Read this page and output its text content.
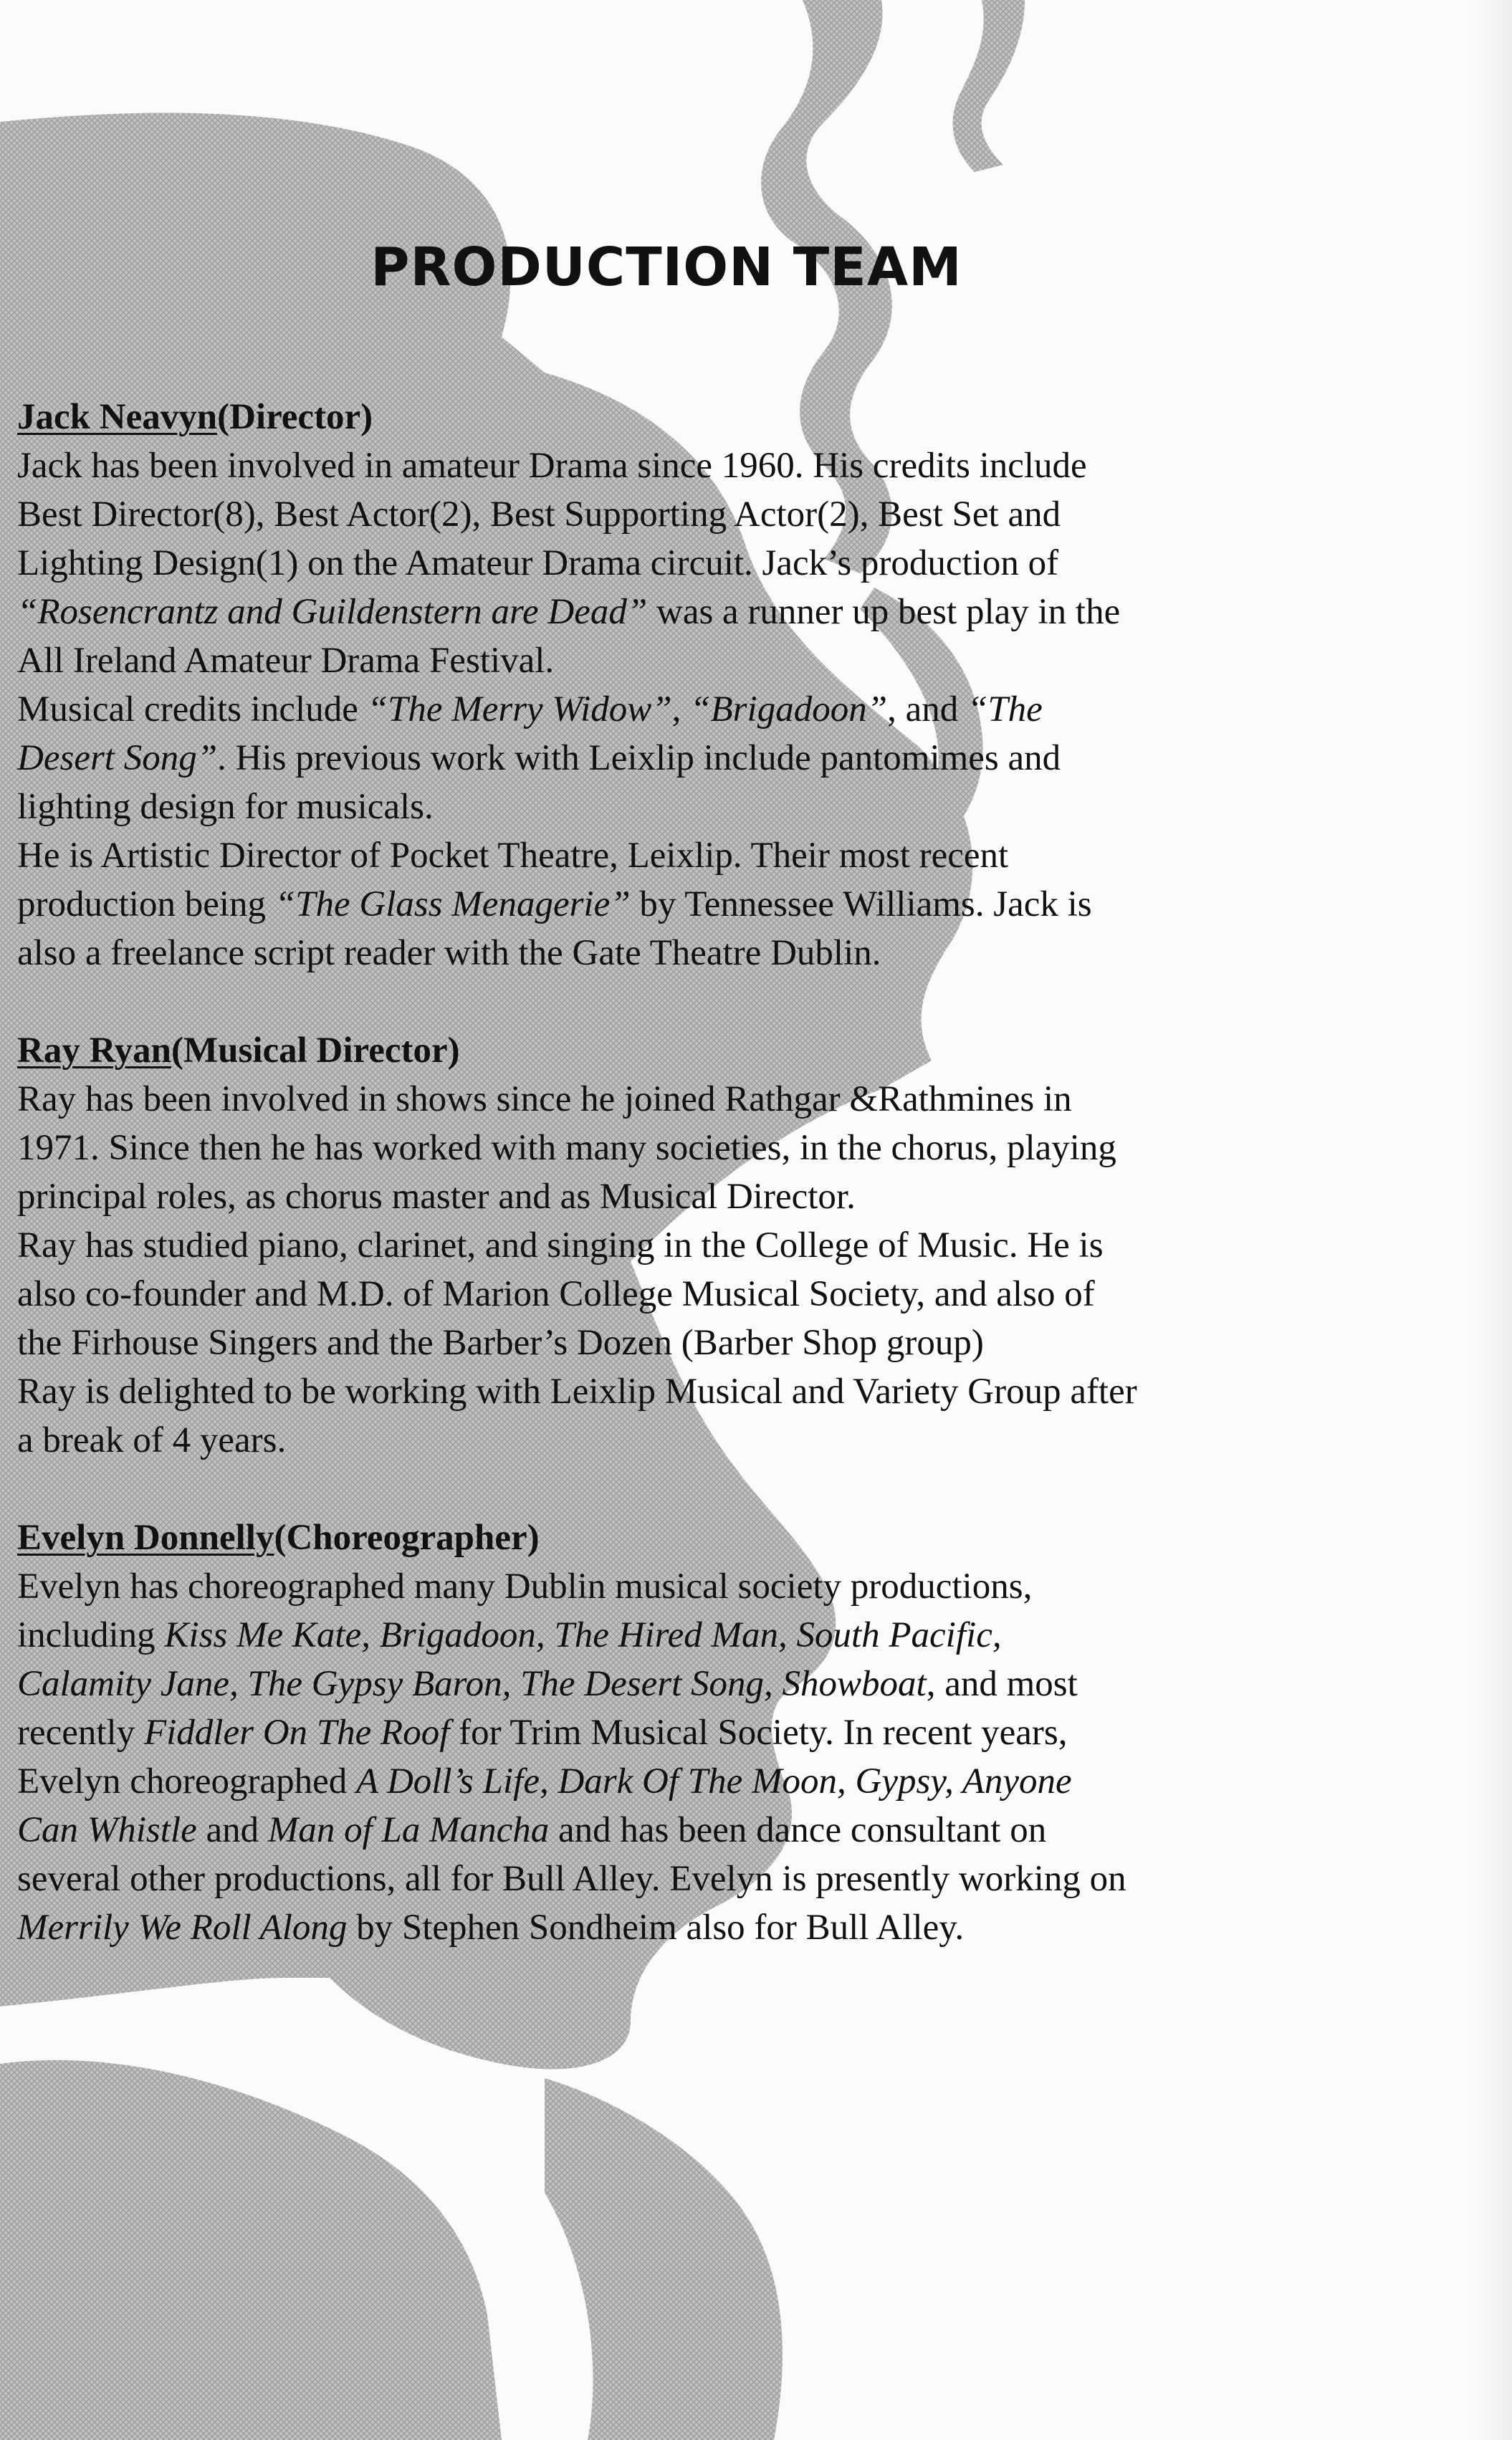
PRODUCTION TEAM
Jack Neavyn(Director)
Jack has been involved in amateur Drama since 1960. His credits include
Best Director(8), Best Actor(2), Best Supporting Actor(2), Best Set and
Lighting Design(1) on the Amateur Drama circuit. Jack’s production of
“Rosencrantz and Guildenstern are Dead” was a runner up best play in the
All Ireland Amateur Drama Festival.
Musical credits include “The Merry Widow”, “Brigadoon”, and “The
Desert Song”. His previous work with Leixlip include pantomimes and
lighting design for musicals.
He is Artistic Director of Pocket Theatre, Leixlip. Their most recent
production being “The Glass Menagerie” by Tennessee Williams. Jack is
also a freelance script reader with the Gate Theatre Dublin.
Ray Ryan(Musical Director)
Ray has been involved in shows since he joined Rathgar &Rathmines in
1971. Since then he has worked with many societies, in the chorus, playing
principal roles, as chorus master and as Musical Director.
Ray has studied piano, clarinet, and singing in the College of Music. He is
also co-founder and M.D. of Marion College Musical Society, and also of
the Firhouse Singers and the Barber’s Dozen (Barber Shop group)
Ray is delighted to be working with Leixlip Musical and Variety Group after
a break of 4 years.
Evelyn Donnelly(Choreographer)
Evelyn has choreographed many Dublin musical society productions,
including Kiss Me Kate, Brigadoon, The Hired Man, South Pacific,
Calamity Jane, The Gypsy Baron, The Desert Song, Showboat, and most
recently Fiddler On The Roof for Trim Musical Society. In recent years,
Evelyn choreographed A Doll’s Life, Dark Of The Moon, Gypsy, Anyone
Can Whistle and Man of La Mancha and has been dance consultant on
several other productions, all for Bull Alley. Evelyn is presently working on
Merrily We Roll Along by Stephen Sondheim also for Bull Alley.
